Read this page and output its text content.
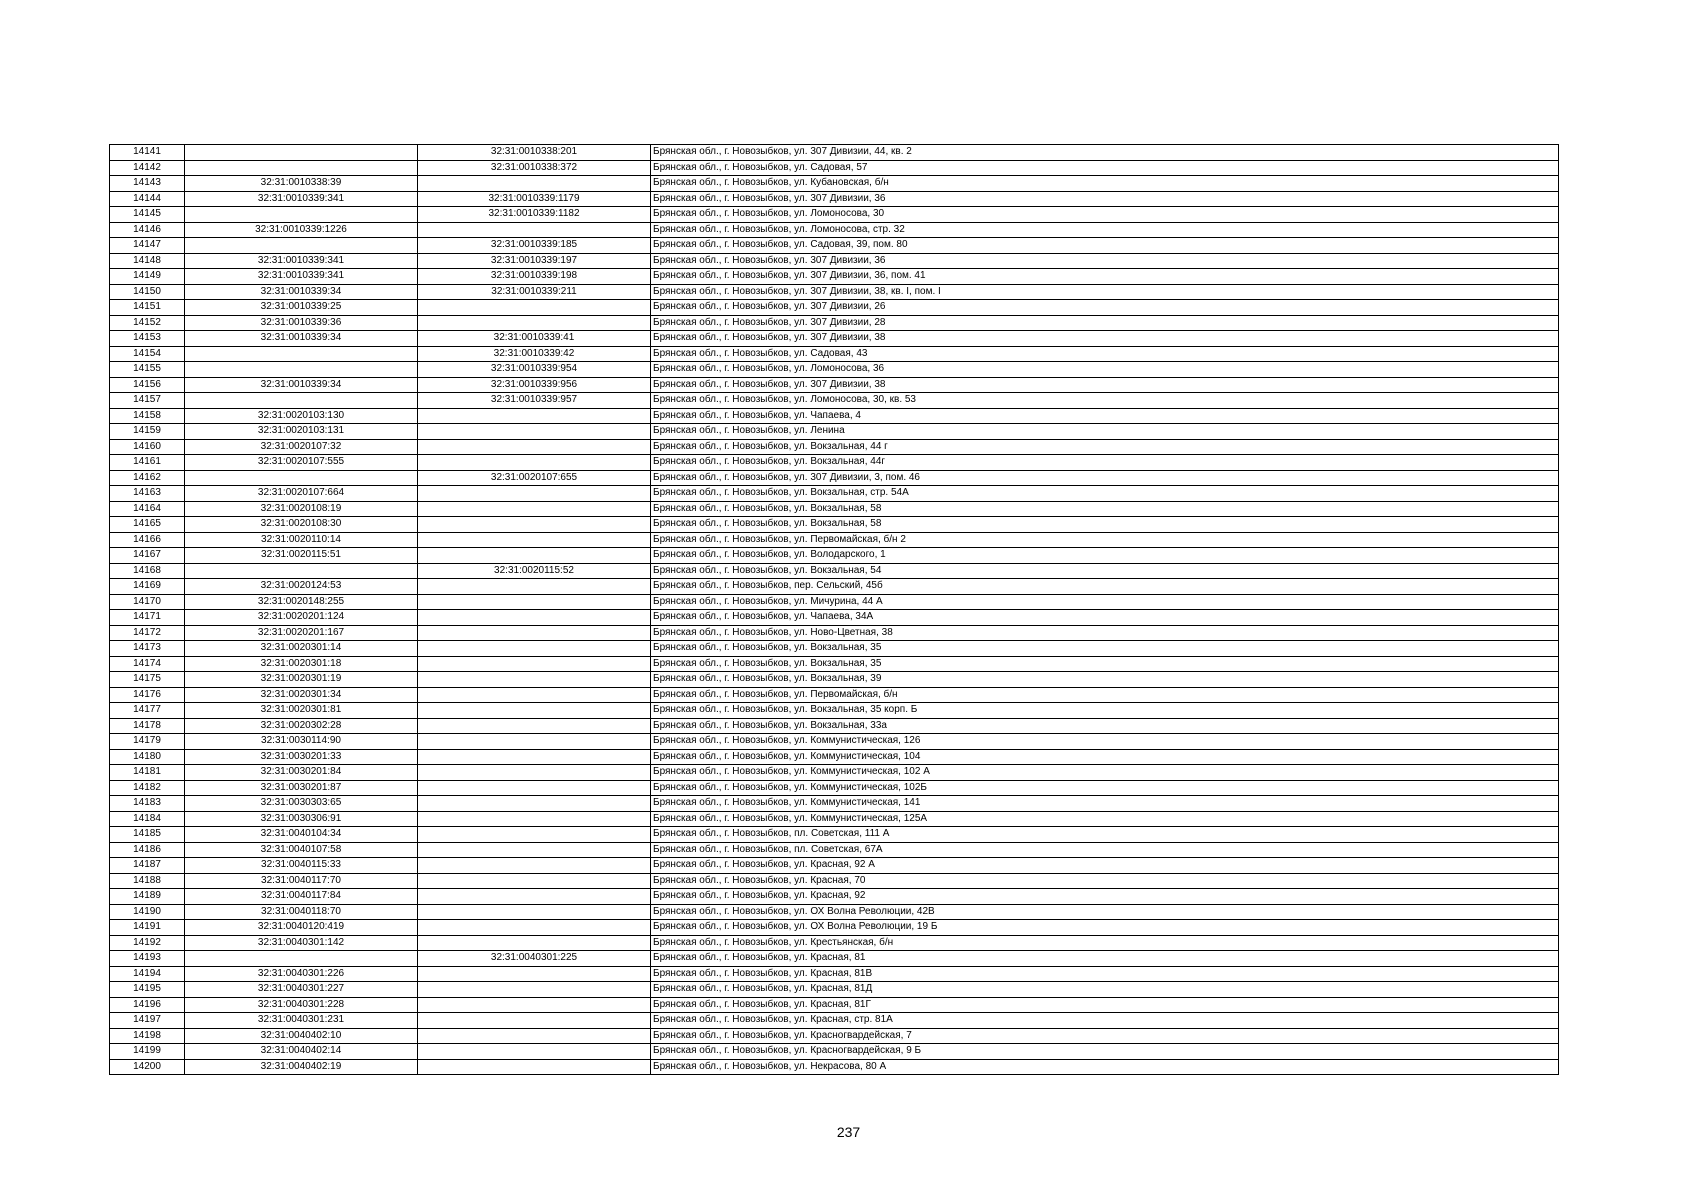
14141		32:31:0010338:201	Брянская обл., г. Новозыбков, ул. 307 Дивизии, 44, кв. 2
14142		32:31:0010338:372	Брянская обл., г. Новозыбков, ул. Садовая, 57
14143	32:31:0010338:39		Брянская обл., г. Новозыбков, ул. Кубановская, б/н
14144	32:31:0010339:341	32:31:0010339:1179	Брянская обл., г. Новозыбков, ул. 307 Дивизии, 36
14145		32:31:0010339:1182	Брянская обл., г. Новозыбков, ул. Ломоносова, 30
14146	32:31:0010339:1226		Брянская обл., г. Новозыбков, ул. Ломоносова, стр. 32
14147		32:31:0010339:185	Брянская обл., г. Новозыбков, ул. Садовая, 39, пом. 80
14148	32:31:0010339:341	32:31:0010339:197	Брянская обл., г. Новозыбков, ул. 307 Дивизии, 36
14149	32:31:0010339:341	32:31:0010339:198	Брянская обл., г. Новозыбков, ул. 307 Дивизии, 36, пом. 41
14150	32:31:0010339:34	32:31:0010339:211	Брянская обл., г. Новозыбков, ул. 307 Дивизии, 38, кв. I, пом. I
14151	32:31:0010339:25		Брянская обл., г. Новозыбков, ул. 307 Дивизии, 26
14152	32:31:0010339:36		Брянская обл., г. Новозыбков, ул. 307 Дивизии, 28
14153	32:31:0010339:34	32:31:0010339:41	Брянская обл., г. Новозыбков, ул. 307 Дивизии, 38
14154		32:31:0010339:42	Брянская обл., г. Новозыбков, ул. Садовая, 43
14155		32:31:0010339:954	Брянская обл., г. Новозыбков, ул. Ломоносова, 36
14156	32:31:0010339:34	32:31:0010339:956	Брянская обл., г. Новозыбков, ул. 307 Дивизии, 38
14157		32:31:0010339:957	Брянская обл., г. Новозыбков, ул. Ломоносова, 30, кв. 53
14158	32:31:0020103:130		Брянская обл., г. Новозыбков, ул. Чапаева, 4
14159	32:31:0020103:131		Брянская обл., г. Новозыбков, ул. Ленина
14160	32:31:0020107:32		Брянская обл., г. Новозыбков, ул. Вокзальная, 44 г
14161	32:31:0020107:555		Брянская обл., г. Новозыбков, ул. Вокзальная, 44г
14162		32:31:0020107:655	Брянская обл., г. Новозыбков, ул. 307 Дивизии, 3, пом. 46
14163	32:31:0020107:664		Брянская обл., г. Новозыбков, ул. Вокзальная, стр. 54А
14164	32:31:0020108:19		Брянская обл., г. Новозыбков, ул. Вокзальная, 58
14165	32:31:0020108:30		Брянская обл., г. Новозыбков, ул. Вокзальная, 58
14166	32:31:0020110:14		Брянская обл., г. Новозыбков, ул. Первомайская, б/н 2
14167	32:31:0020115:51		Брянская обл., г. Новозыбков, ул. Володарского, 1
14168		32:31:0020115:52	Брянская обл., г. Новозыбков, ул. Вокзальная, 54
14169	32:31:0020124:53		Брянская обл., г. Новозыбков, пер. Сельский, 45б
14170	32:31:0020148:255		Брянская обл., г. Новозыбков, ул. Мичурина, 44 А
14171	32:31:0020201:124		Брянская обл., г. Новозыбков, ул. Чапаева, 34А
14172	32:31:0020201:167		Брянская обл., г. Новозыбков, ул. Ново-Цветная, 38
14173	32:31:0020301:14		Брянская обл., г. Новозыбков, ул. Вокзальная, 35
14174	32:31:0020301:18		Брянская обл., г. Новозыбков, ул. Вокзальная, 35
14175	32:31:0020301:19		Брянская обл., г. Новозыбков, ул. Вокзальная, 39
14176	32:31:0020301:34		Брянская обл., г. Новозыбков, ул. Первомайская, б/н
14177	32:31:0020301:81		Брянская обл., г. Новозыбков, ул. Вокзальная, 35 корп. Б
14178	32:31:0020302:28		Брянская обл., г. Новозыбков, ул. Вокзальная, 33а
14179	32:31:0030114:90		Брянская обл., г. Новозыбков, ул. Коммунистическая, 126
14180	32:31:0030201:33		Брянская обл., г. Новозыбков, ул. Коммунистическая, 104
14181	32:31:0030201:84		Брянская обл., г. Новозыбков, ул. Коммунистическая, 102 А
14182	32:31:0030201:87		Брянская обл., г. Новозыбков, ул. Коммунистическая, 102Б
14183	32:31:0030303:65		Брянская обл., г. Новозыбков, ул. Коммунистическая, 141
14184	32:31:0030306:91		Брянская обл., г. Новозыбков, ул. Коммунистическая, 125А
14185	32:31:0040104:34		Брянская обл., г. Новозыбков, пл. Советская, 111 А
14186	32:31:0040107:58		Брянская обл., г. Новозыбков, пл. Советская, 67А
14187	32:31:0040115:33		Брянская обл., г. Новозыбков, ул. Красная, 92 А
14188	32:31:0040117:70		Брянская обл., г. Новозыбков, ул. Красная, 70
14189	32:31:0040117:84		Брянская обл., г. Новозыбков, ул. Красная, 92
14190	32:31:0040118:70		Брянская обл., г. Новозыбков, ул. ОХ Волна Революции, 42В
14191	32:31:0040120:419		Брянская обл., г. Новозыбков, ул. ОХ Волна Революции, 19 Б
14192	32:31:0040301:142		Брянская обл., г. Новозыбков, ул. Крестьянская, б/н
14193		32:31:0040301:225	Брянская обл., г. Новозыбков, ул. Красная, 81
14194	32:31:0040301:226		Брянская обл., г. Новозыбков, ул. Красная, 81В
14195	32:31:0040301:227		Брянская обл., г. Новозыбков, ул. Красная, 81Д
14196	32:31:0040301:228		Брянская обл., г. Новозыбков, ул. Красная, 81Г
14197	32:31:0040301:231		Брянская обл., г. Новозыбков, ул. Красная, стр. 81А
14198	32:31:0040402:10		Брянская обл., г. Новозыбков, ул. Красногвардейская, 7
14199	32:31:0040402:14		Брянская обл., г. Новозыбков, ул. Красногвардейская, 9 Б
14200	32:31:0040402:19		Брянская обл., г. Новозыбков, ул. Некрасова, 80 А
237
